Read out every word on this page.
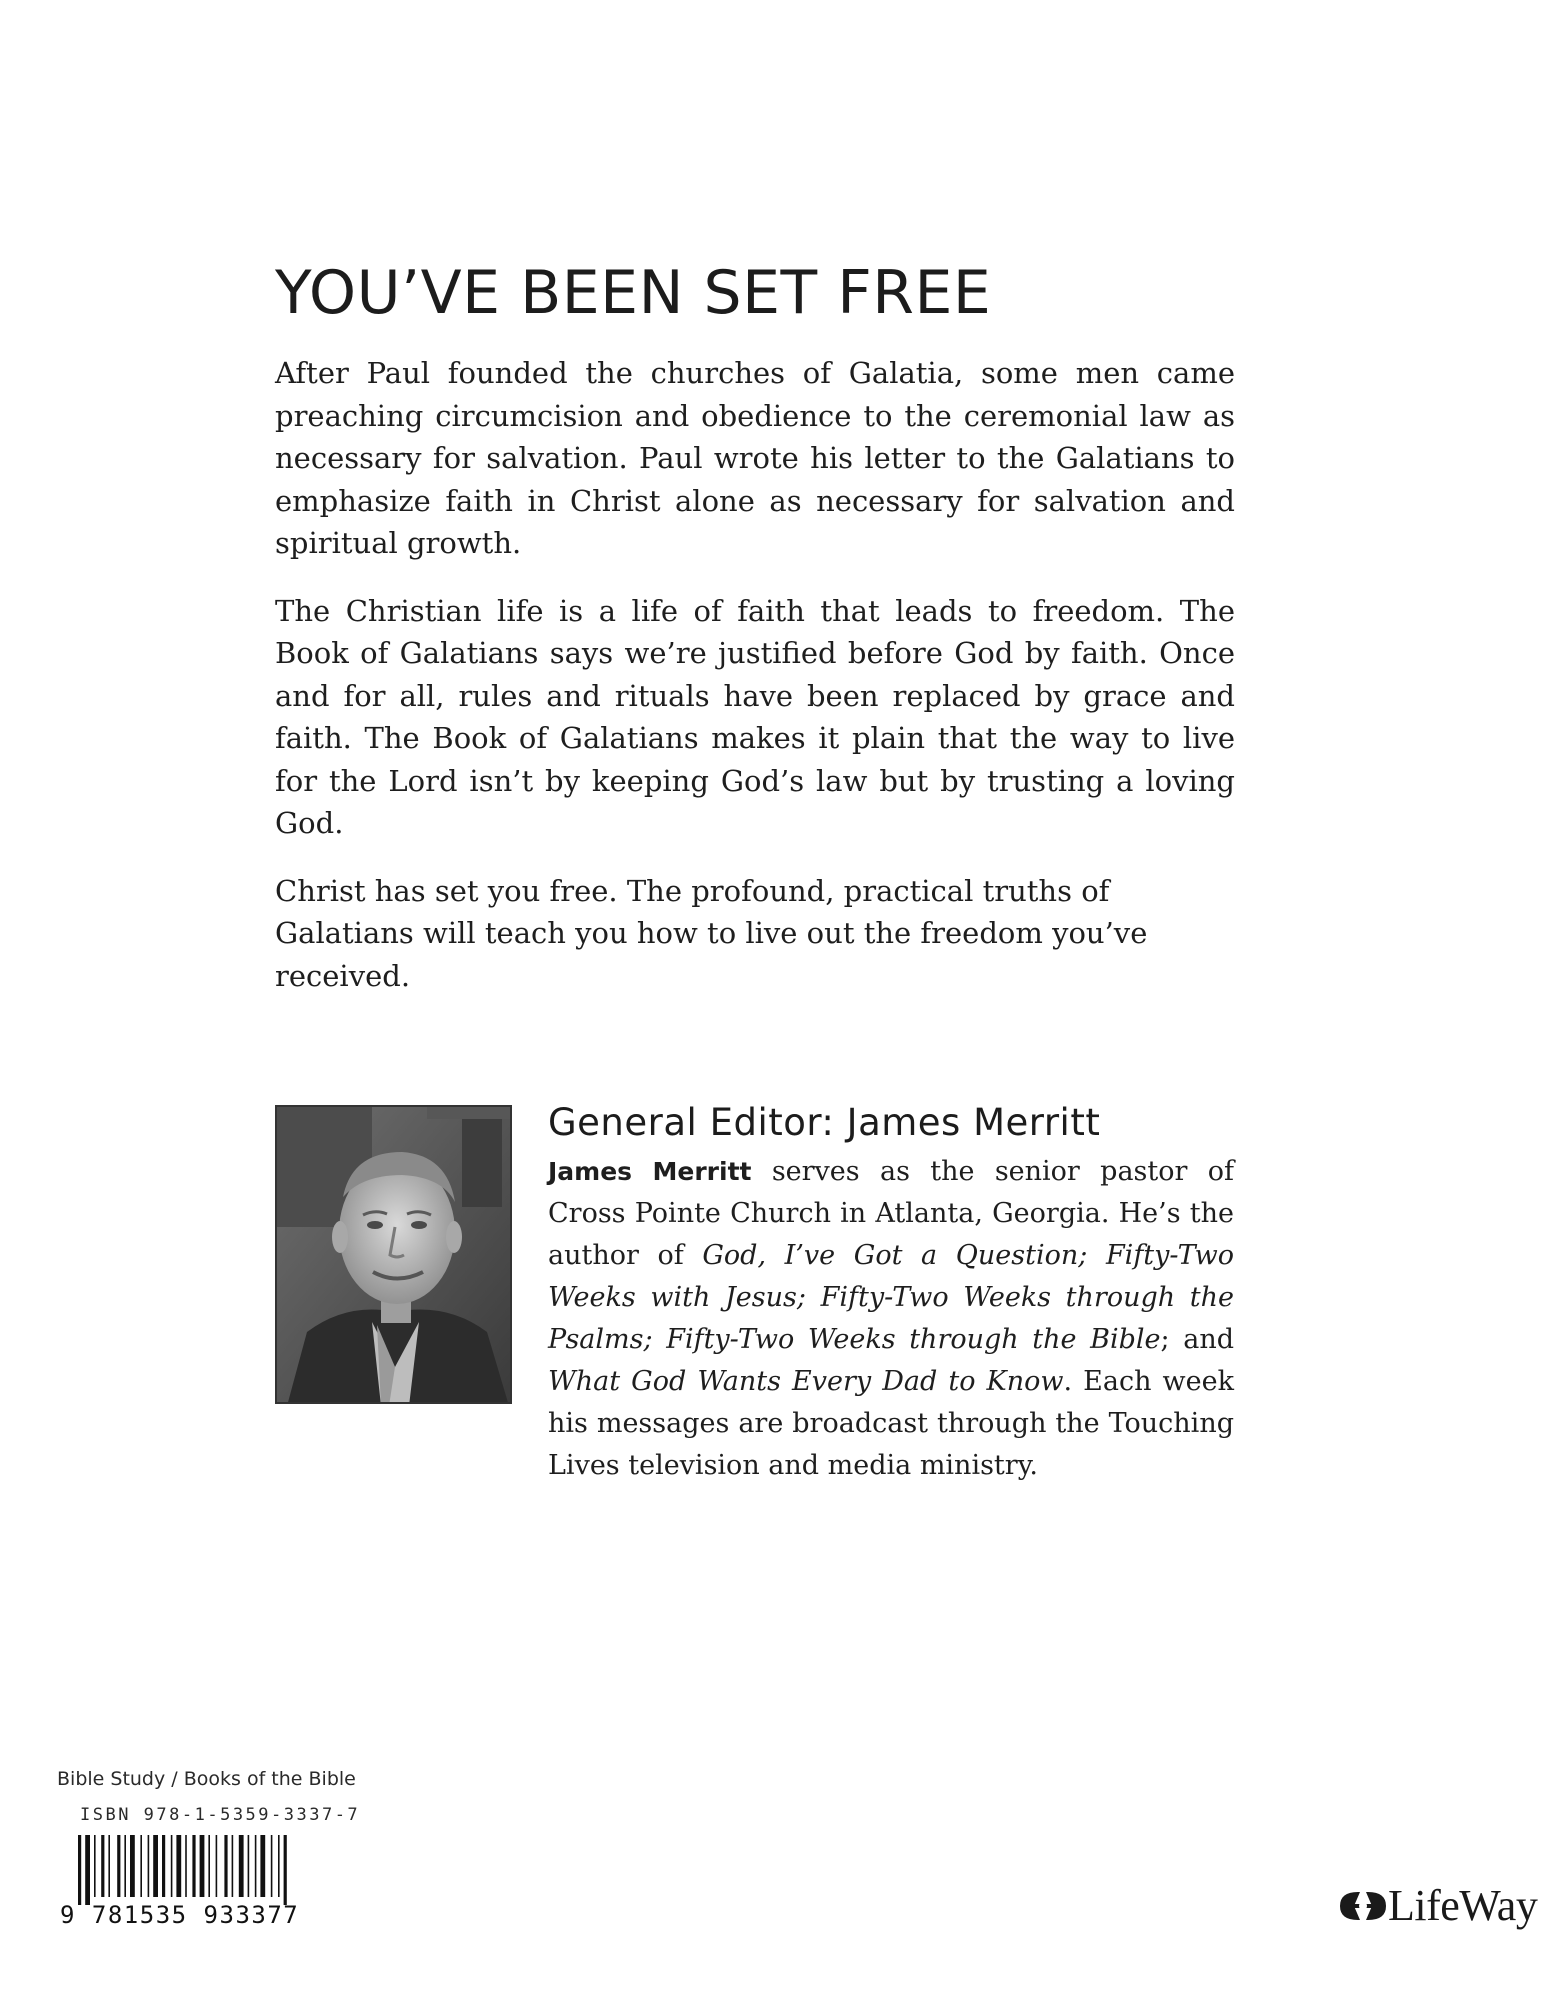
YOU’VE BEEN SET FREE

After Paul founded the churches of Galatia, some men came preaching circumcision and obedience to the ceremonial law as necessary for salvation. Paul wrote his letter to the Galatians to emphasize faith in Christ alone as necessary for salvation and spiritual growth.

The Christian life is a life of faith that leads to freedom. The Book of Galatians says we’re justified before God by faith. Once and for all, rules and rituals have been replaced by grace and faith. The Book of Galatians makes it plain that the way to live for the Lord isn’t by keeping God’s law but by trusting a loving God.

Christ has set you free. The profound, practical truths of Galatians will teach you how to live out the freedom you’ve received.

General Editor: James Merritt

James Merritt serves as the senior pastor of Cross Pointe Church in Atlanta, Georgia. He’s the author of God, I’ve Got a Question; Fifty-Two Weeks with Jesus; Fifty-Two Weeks through the Psalms; Fifty-Two Weeks through the Bible; and What God Wants Every Dad to Know. Each week his messages are broadcast through the Touching Lives television and media ministry.

Bible Study / Books of the Bible
ISBN 978-1-5359-3337-7
9 781535 933377	LifeWay
